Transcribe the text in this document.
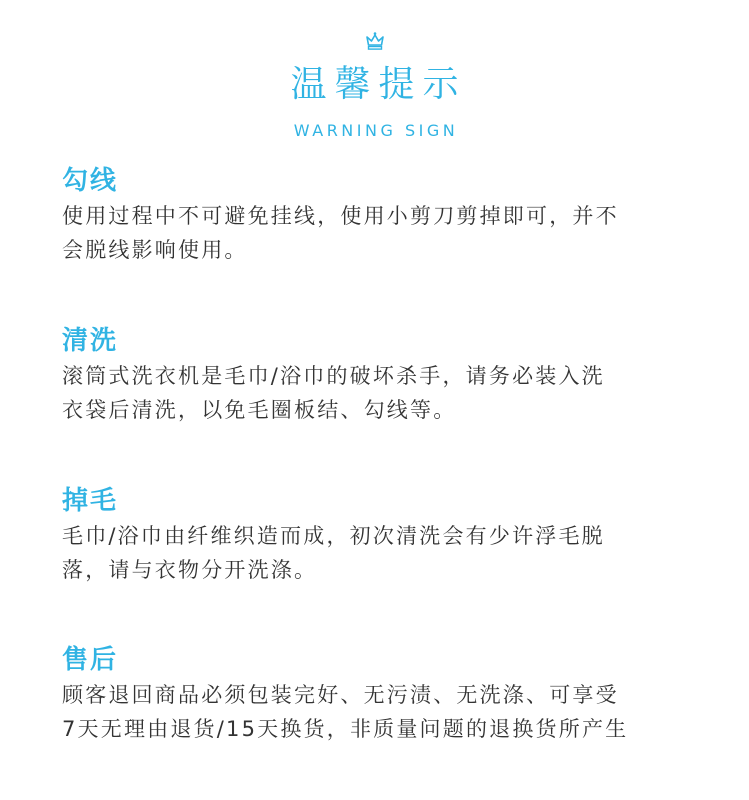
温馨提示
WARNING SIGN
勾线

使用过程中不可避免挂线，使用小剪刀剪掉即可，并不
会脱线影响使用。

清洗

滚筒式洗衣机是毛巾/浴巾的破坏杀手，请务必装入洗
衣袋后清洗，以免毛圈板结、勾线等。

掉毛

毛巾/浴巾由纤维织造而成，初次清洗会有少许浮毛脱
落，请与衣物分开洗涤。

售后

顾客退回商品必须包装完好、无污渍、无洗涤、可享受
7天无理由退货/15天换货，非质量问题的退换货所产生
